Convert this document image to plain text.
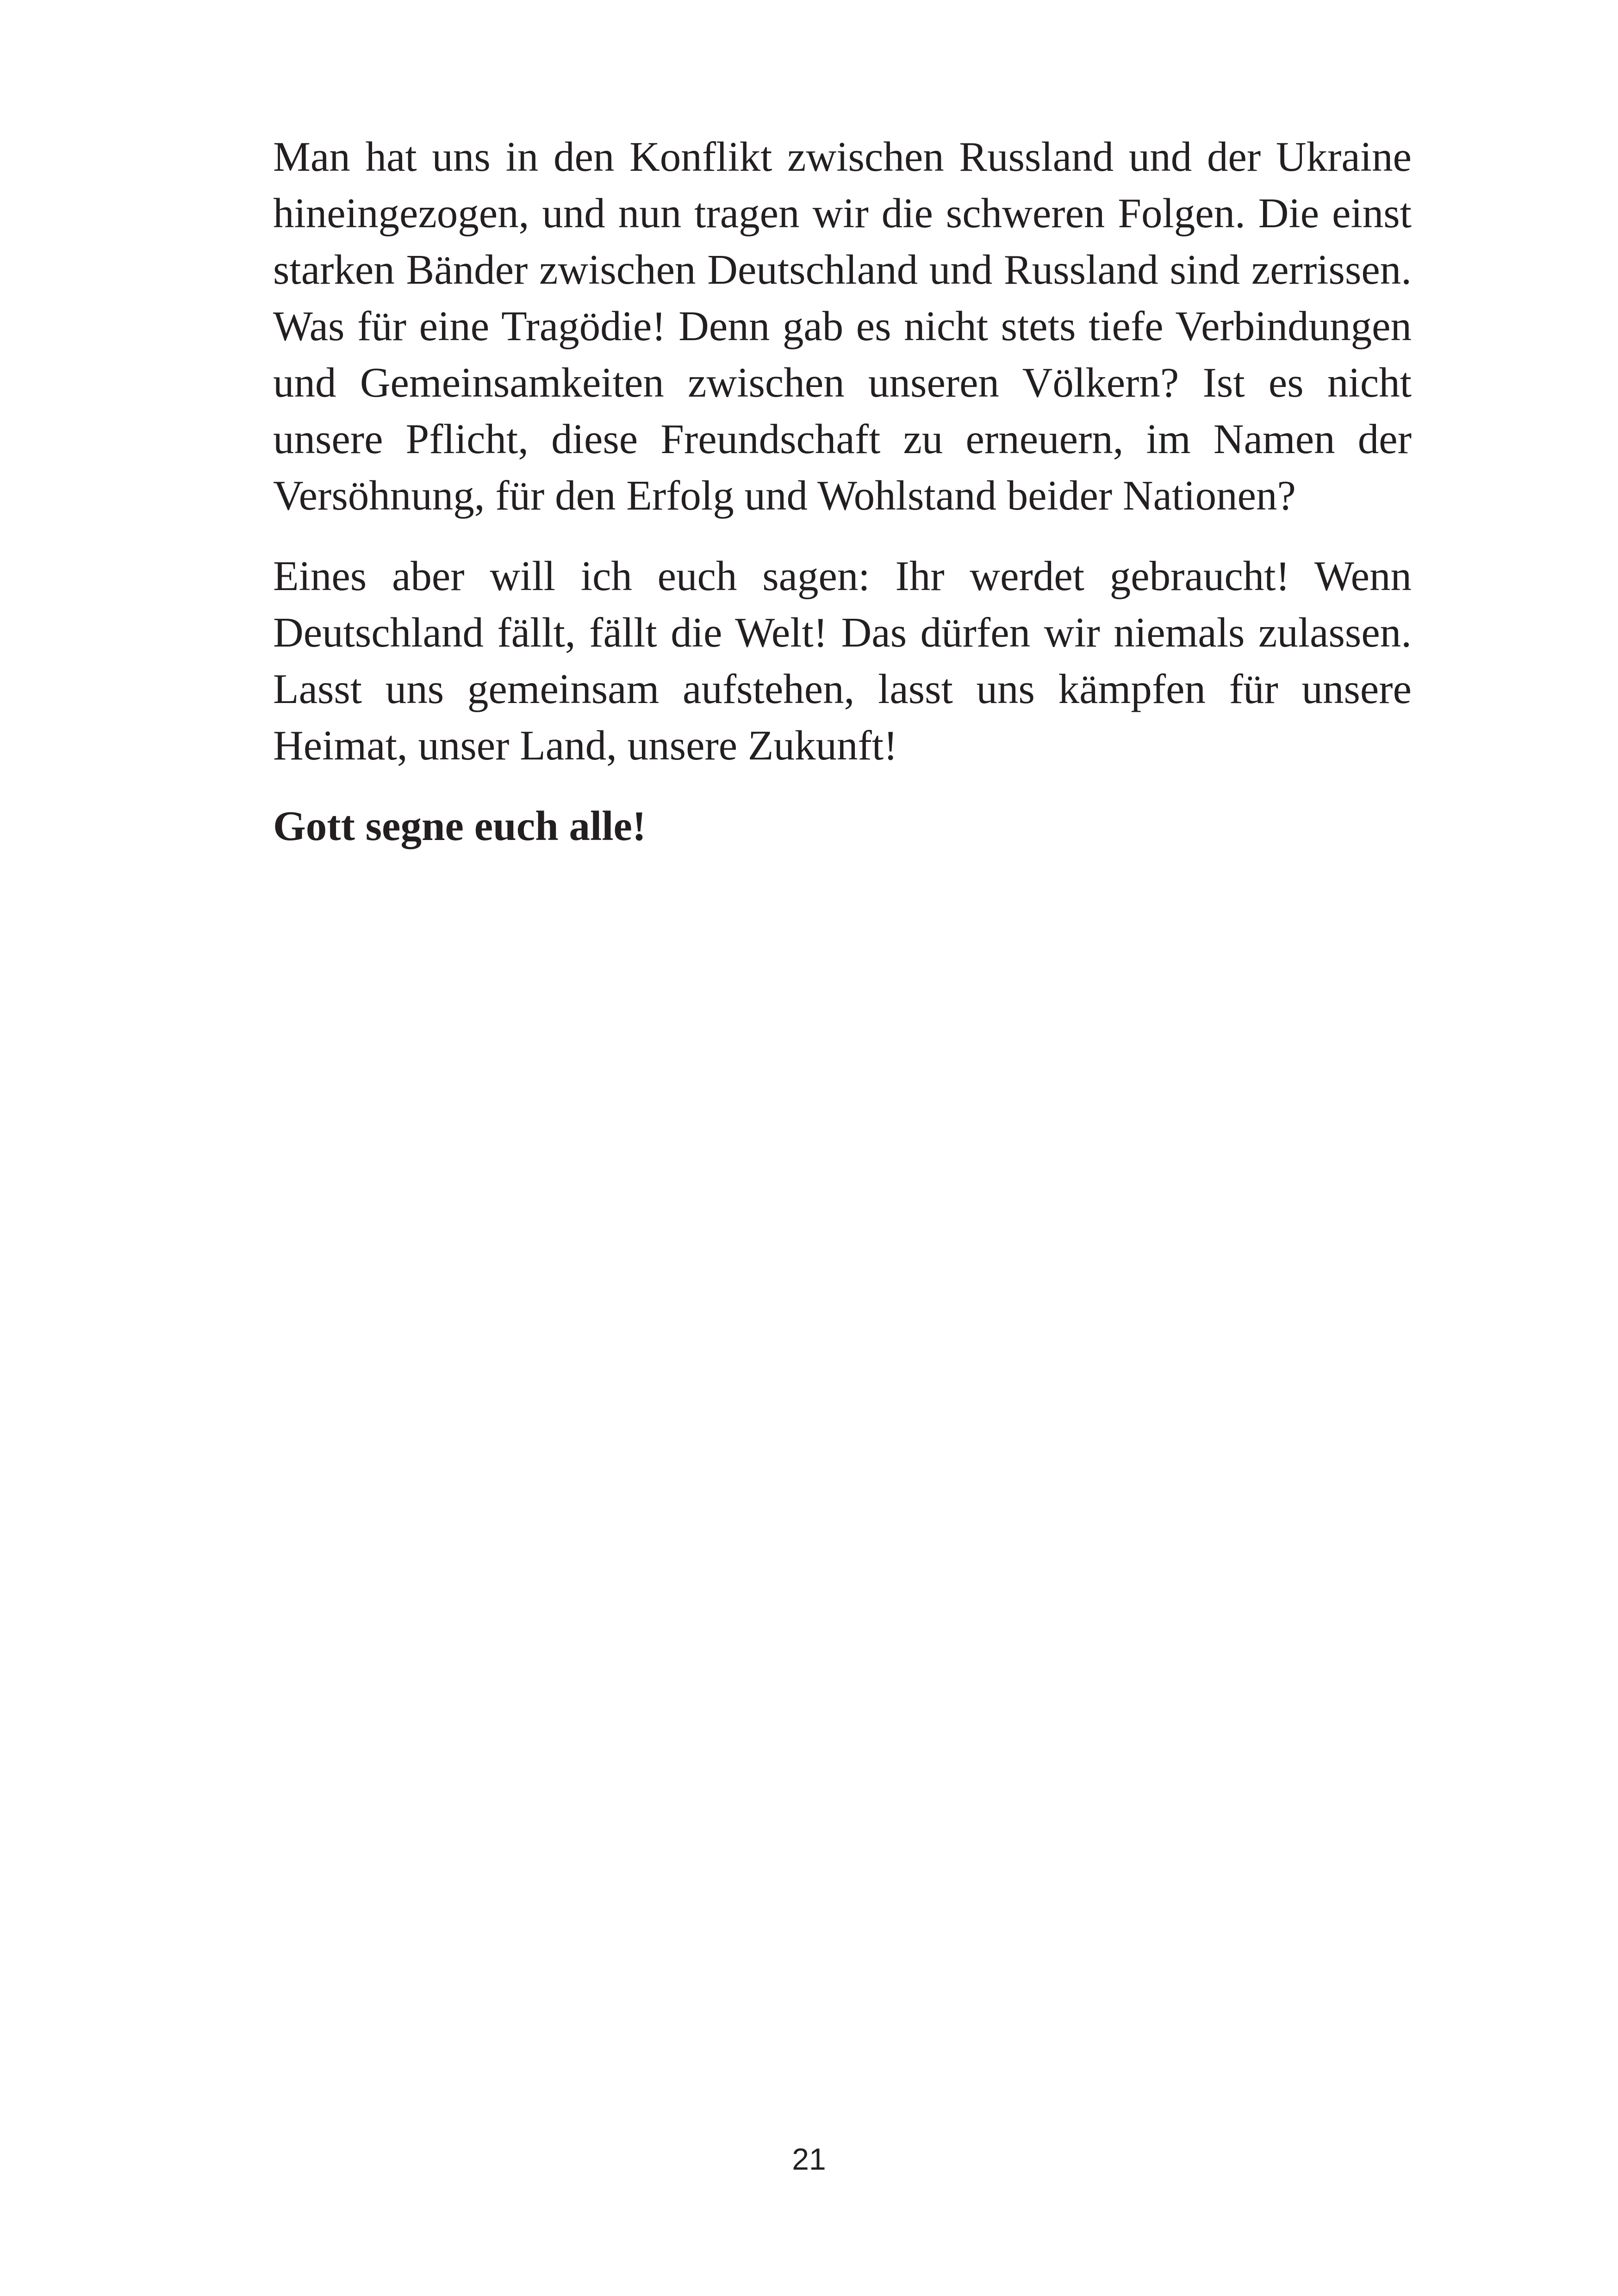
Man hat uns in den Konflikt zwischen Russland und der Ukraine hineingezogen, und nun tragen wir die schweren Folgen. Die einst starken Bänder zwischen Deutschland und Russland sind zerrissen. Was für eine Tragödie! Denn gab es nicht stets tiefe Verbindungen und Gemeinsamkeiten zwischen unseren Völkern? Ist es nicht unsere Pflicht, diese Freundschaft zu erneuern, im Namen der Versöhnung, für den Erfolg und Wohlstand beider Nationen?

Eines aber will ich euch sagen: Ihr werdet gebraucht! Wenn Deutschland fällt, fällt die Welt! Das dürfen wir niemals zulassen. Lasst uns gemeinsam aufstehen, lasst uns kämpfen für unsere Heimat, unser Land, unsere Zukunft!

Gott segne euch alle!

21
